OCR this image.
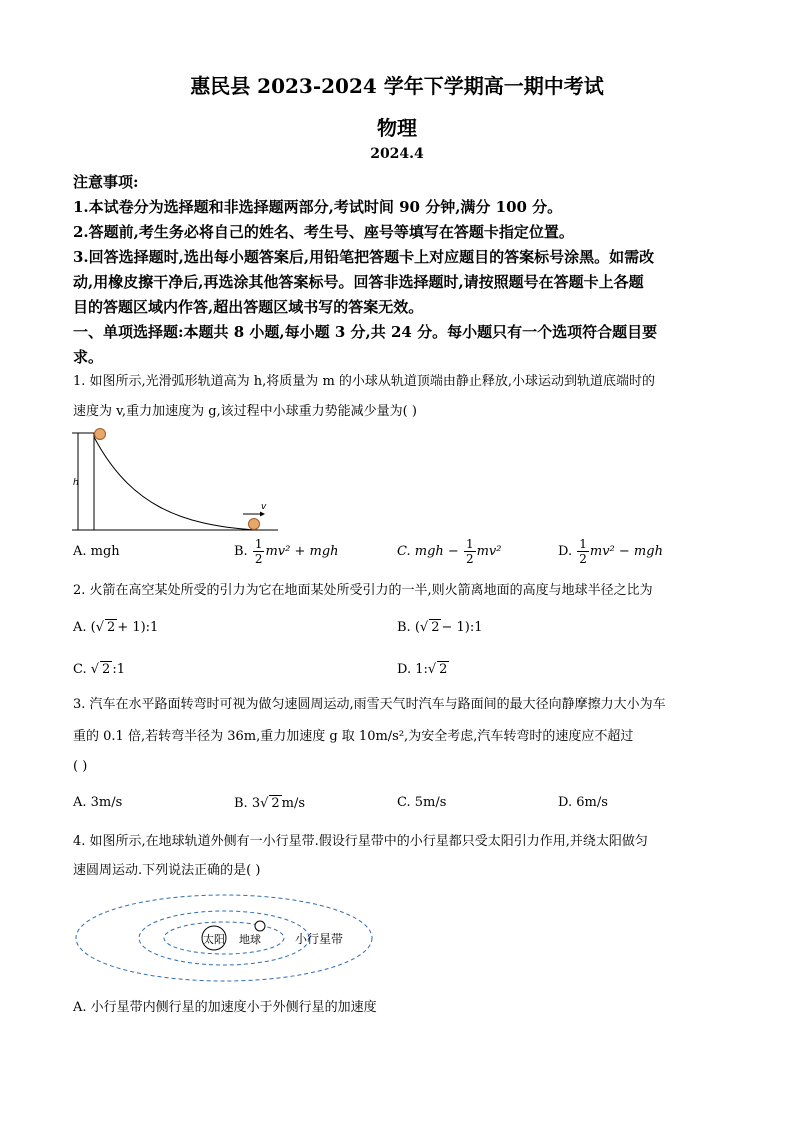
惠民县 2023-2024 学年下学期高一期中考试
物理
2024.4
注意事项:
1.本试卷分为选择题和非选择题两部分,考试时间 90 分钟,满分 100 分。
2.答题前,考生务必将自己的姓名、考生号、座号等填写在答题卡指定位置。
3.回答选择题时,选出每小题答案后,用铅笔把答题卡上对应题目的答案标号涂黑。如需改
动,用橡皮擦干净后,再选涂其他答案标号。回答非选择题时,请按照题号在答题卡上各题
目的答题区域内作答,超出答题区域书写的答案无效。
一、单项选择题:本题共 8 小题,每小题 3 分,共 24 分。每小题只有一个选项符合题目要
求。
1. 如图所示,光滑弧形轨道高为 h,将质量为 m 的小球从轨道顶端由静止释放,小球运动到轨道底端时的
速度为 v,重力加速度为 g,该过程中小球重力势能减少量为( )
h
v
A. mgh	B. $\frac{1}{2} mv^2$ + mgh	C. mgh − $\frac{1}{2} mv^2$	D. $\frac{1}{2} mv^2$ − mgh
2. 火箭在高空某处所受的引力为它在地面某处所受引力的一半,则火箭离地面的高度与地球半径之比为
A. (√ 2 + 1):1	B. (√ 2 − 1):1
C. √ 2 :1	D. 1:√ 2
3. 汽车在水平路面转弯时可视为做匀速圆周运动,雨雪天气时汽车与路面间的最大径向静摩擦力大小为车
重的 0.1 倍,若转弯半径为 36m,重力加速度 g 取 10m/s²,为安全考虑,汽车转弯时的速度应不超过
( )
A. 3m/s	B. 3√ 2 m/s	C. 5m/s	D. 6m/s
4. 如图所示,在地球轨道外侧有一小行星带.假设行星带中的小行星都只受太阳引力作用,并绕太阳做匀
速圆周运动.下列说法正确的是( )
太阳 地球	小行星带
A. 小行星带内侧行星的加速度小于外侧行星的加速度
